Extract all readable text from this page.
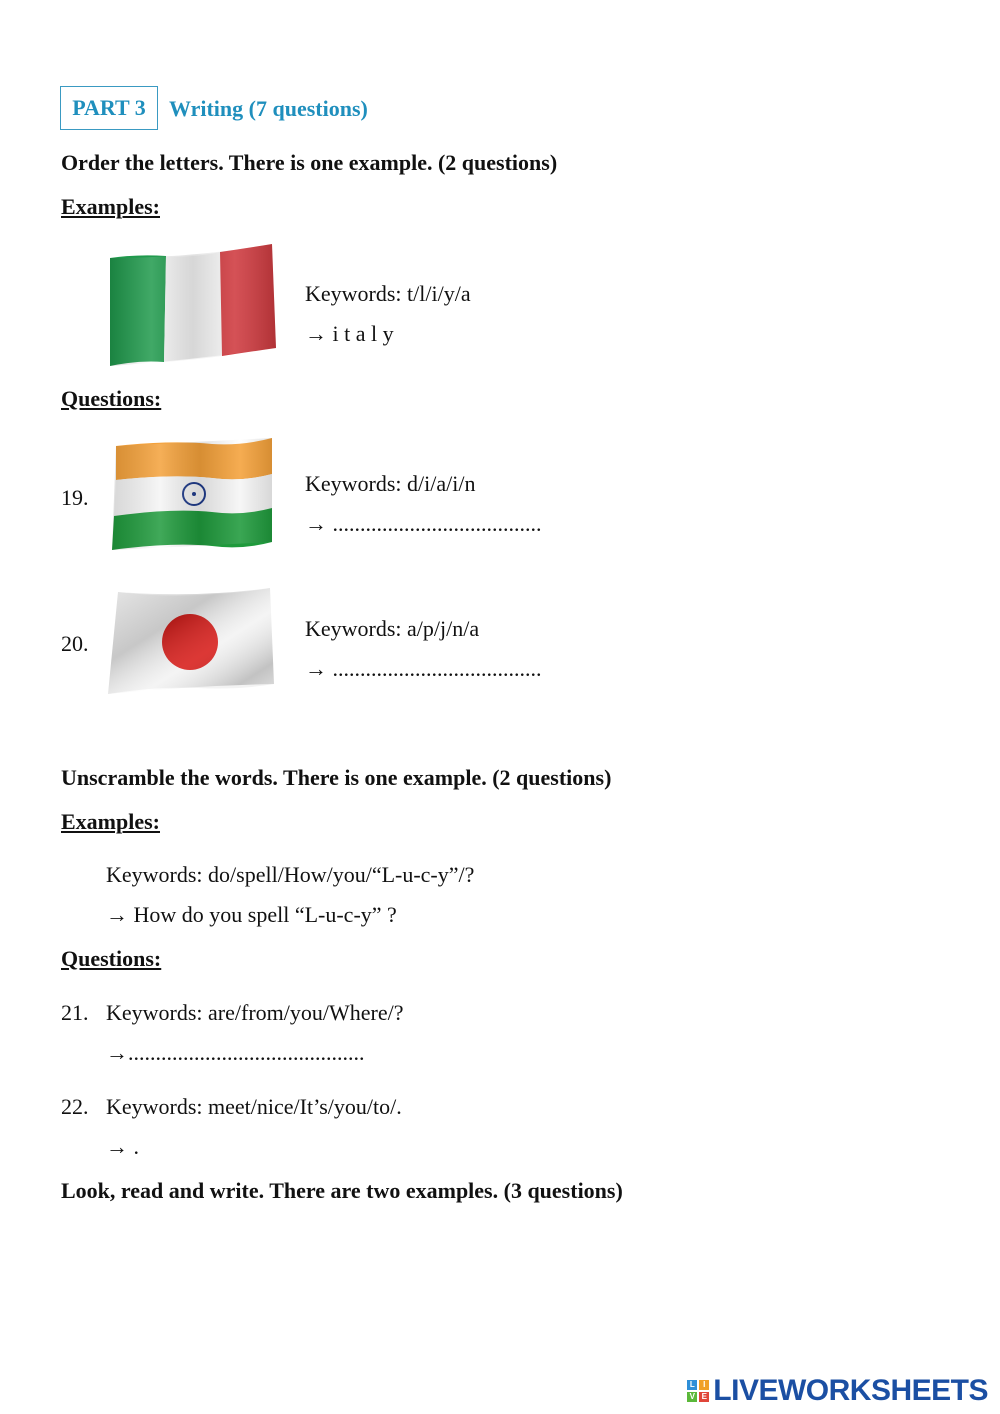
PART 3	Writing (7 questions)
Order the letters. There is one example. (2 questions)
Examples:
Keywords: t/l/i/y/a
→ i t a l y
Questions:
19.
Keywords: d/i/a/i/n
→ ......................................
20.
Keywords: a/p/j/n/a
→ ......................................
Unscramble the words. There is one example. (2 questions)
Examples:
Keywords: do/spell/How/you/“L-u-c-y”/?
→ How do you spell “L-u-c-y” ?
Questions:
21. Keywords: are/from/you/Where/?
→...........................................
22. Keywords: meet/nice/It’s/you/to/.
→ .
Look, read and write. There are two examples. (3 questions)
L	I
V E LIVEWORKSHEETS
